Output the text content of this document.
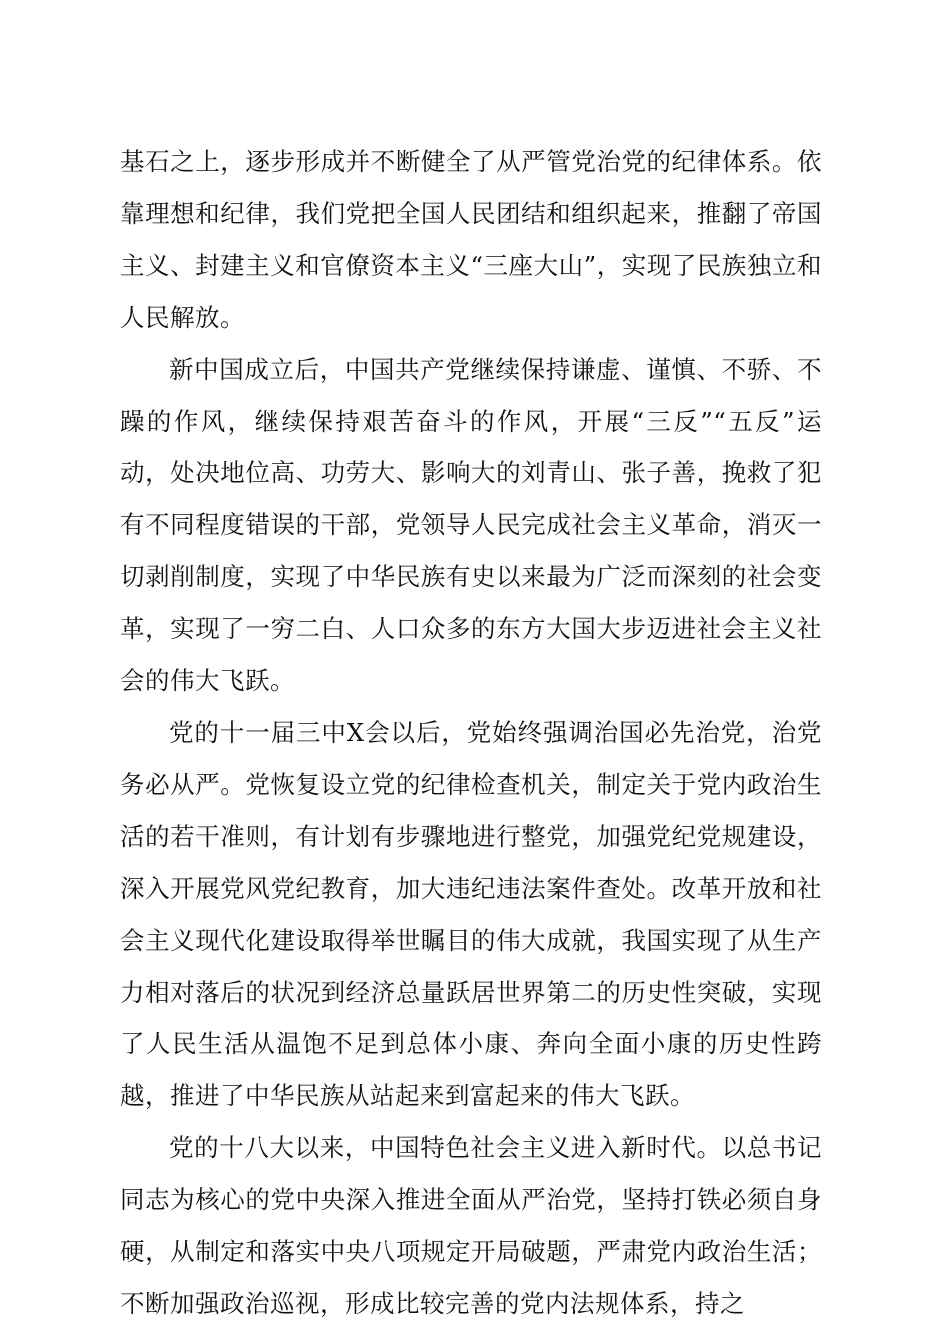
基石之上，逐步形成并不断健全了从严管党治党的纪律体系。依靠理想和纪律，我们党把全国人民团结和组织起来，推翻了帝国主义、封建主义和官僚资本主义“三座大山”，实现了民族独立和人民解放。

新中国成立后，中国共产党继续保持谦虚、谨慎、不骄、不躁的作风，继续保持艰苦奋斗的作风，开展“三反”“五反”运动，处决地位高、功劳大、影响大的刘青山、张子善，挽救了犯有不同程度错误的干部，党领导人民完成社会主义革命，消灭一切剥削制度，实现了中华民族有史以来最为广泛而深刻的社会变革，实现了一穷二白、人口众多的东方大国大步迈进社会主义社会的伟大飞跃。

党的十一届三中X会以后，党始终强调治国必先治党，治党务必从严。党恢复设立党的纪律检查机关，制定关于党内政治生活的若干准则，有计划有步骤地进行整党，加强党纪党规建设，深入开展党风党纪教育，加大违纪违法案件查处。改革开放和社会主义现代化建设取得举世瞩目的伟大成就，我国实现了从生产力相对落后的状况到经济总量跃居世界第二的历史性突破，实现了人民生活从温饱不足到总体小康、奔向全面小康的历史性跨越，推进了中华民族从站起来到富起来的伟大飞跃。

党的十八大以来，中国特色社会主义进入新时代。以总书记同志为核心的党中央深入推进全面从严治党，坚持打铁必须自身硬，从制定和落实中央八项规定开局破题，严肃党内政治生活；不断加强政治巡视，形成比较完善的党内法规体系，持之
